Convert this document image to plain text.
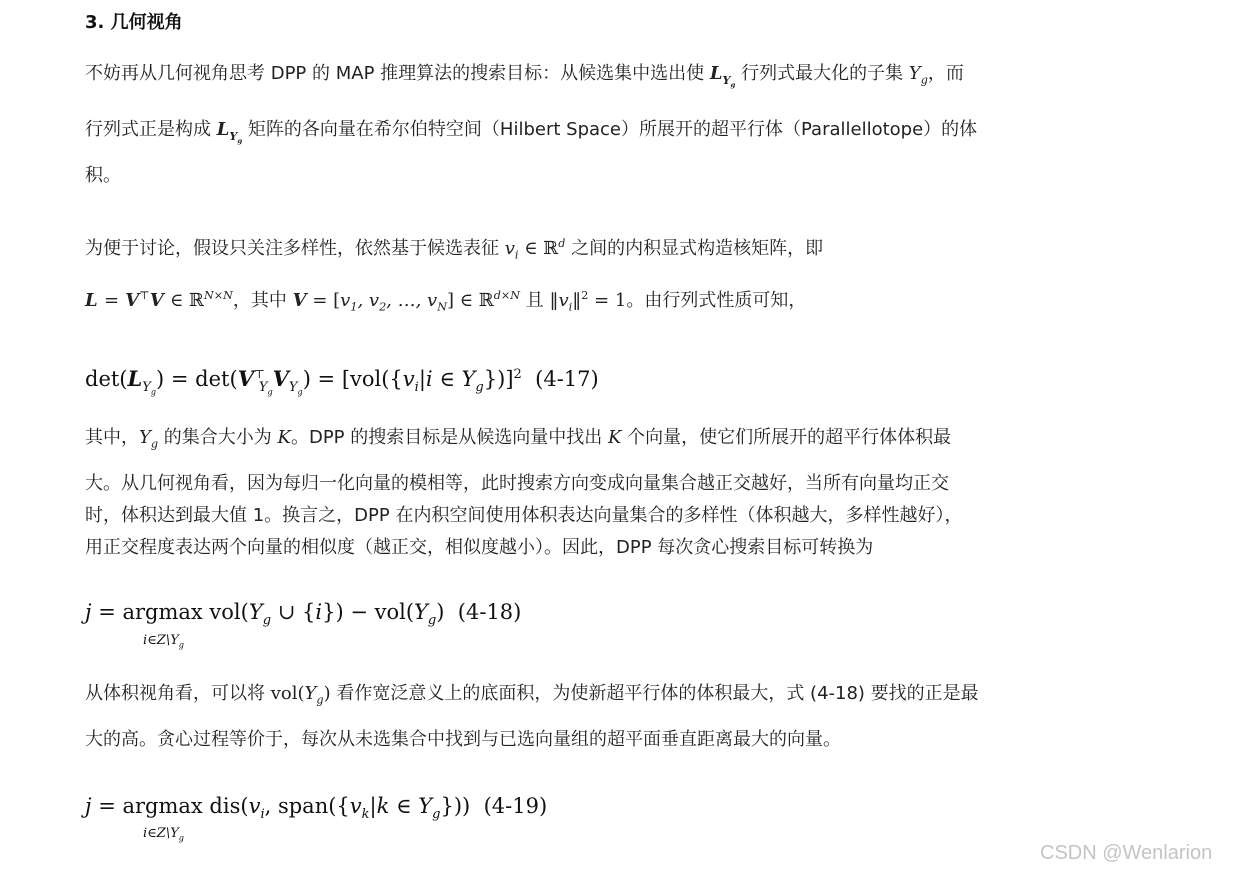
3. 几何视角
不妨再从几何视角思考 DPP 的 MAP 推理算法的搜索目标：从候选集中选出使 $L_{Y_g}$ 行列式最大化的子集 $Y_g$，而
行列式正是构成 $L_{Y_g}$ 矩阵的各向量在希尔伯特空间（Hilbert Space）所展开的超平行体（Parallellotope）的体
积。
为便于讨论，假设只关注多样性，依然基于候选表征 $v_i$ ∈ ℝ$^d$ 之间的内积显式构造核矩阵，即
L = V⊤V ∈ ℝ$^{N\times N}$，其中 $V = [v_1$, $v_2$, …, $v_N$] ∈ ℝ$^{d\times N}$ 且 $‖v_i‖^2 = 1$。由行列式性质可知，
$\det(L_{Y_g}) = \det(V^⊤_{Y_g}V_{Y_g}) = [vol(\{v_i|i$ ∈ $Y_g\})]^2$ (4-17)
其中，$Y_g$ 的集合大小为 K。DPP 的搜索目标是从候选向量中找出 K 个向量，使它们所展开的超平行体体积最
大。从几何视角看，因为每归一化向量的模相等，此时搜索方向变成向量集合越正交越好，当所有向量均正交
时，体积达到最大值 1。换言之，DPP 在内积空间使用体积表达向量集合的多样性（体积越大，多样性越好），
用正交程度表达两个向量的相似度（越正交，相似度越小）。因此，DPP 每次贪心搜索目标可转换为
j = argmax $vol(Y_g$ ∪ $\{i\}) - vol(Y_g)$ (4-18)
$i\in Z\backslash Y_g$
从体积视角看，可以将 $vol(Y_g)$ 看作宽泛意义上的底面积，为使新超平行体的体积最大，式 (4-18) 要找的正是最
大的高。贪心过程等价于，每次从未选集合中找到与已选向量组的超平面垂直距离最大的向量。
j = argmax $dis(v_i$, $span(\{v_k|k$ ∈ $Y_g$})) (4-19)
$i\in Z\backslash Y_g$
CSDN @Wenlarion
